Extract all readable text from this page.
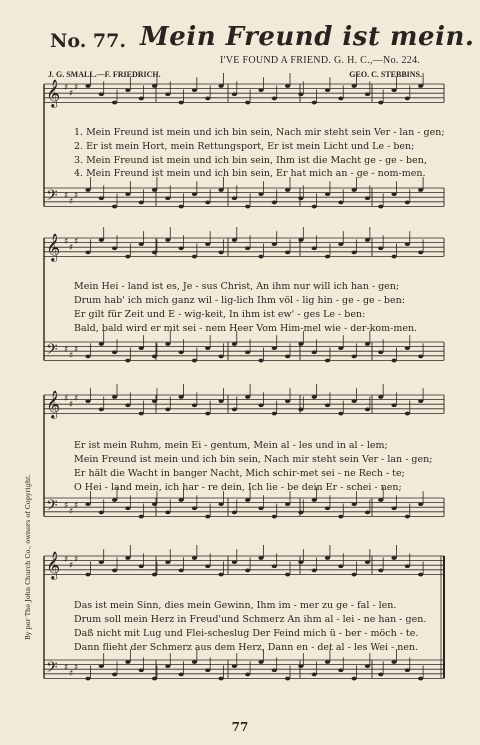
No. 77. Mein Freund ist mein.
I'VE FOUND A FRIEND. G. H. C.,—No. 224.
J. G. SMALL.—F. FRIEDRICH.	GEO. C. STEBBINS.
By per The John Church Co., owners of Copyright.
𝄞 ♯
♯
♯
𝄢 ♯
♯
♯
𝄞 ♯
♯
♯
𝄢 ♯
♯
♯
𝄞 ♯
♯
♯
𝄢 ♯
♯
♯
𝄞 ♯
♯
♯
𝄢 ♯
♯
♯
1. Mein Freund ist mein und ich bin sein, Nach mir steht sein Ver - lan - gen;
2. Er ist mein Hort, mein Rettungsport, Er ist mein Licht und Le - ben;
3. Mein Freund ist mein und ich bin sein, Ihm ist die Macht ge - ge - ben,
4. Mein Freund ist mein und ich bin sein, Er hat mich an - ge - nom-men.
Mein Hei - land ist es, Je - sus Christ, An ihm nur will ich han - gen;
Drum hab' ich mich ganz wil - lig-lich Ihm völ - lig hin - ge - ge - ben:
Er gilt für Zeit und E - wig-keit, In ihm ist ew' - ges Le - ben:
Bald, bald wird er mit sei - nem Heer Vom Him-mel wie - der-kom-men.
Er ist mein Ruhm, mein Ei - gentum, Mein al - les und in al - lem;
Mein Freund ist mein und ich bin sein, Nach mir steht sein Ver - lan - gen;
Er hält die Wacht in banger Nacht, Mich schir-met sei - ne Rech - te;
O Hei - land mein, ich har - re dein, Ich lie - be dein Er - schei - nen;
Das ist mein Sinn, dies mein Gewinn, Ihm im - mer zu ge - fal - len.
Drum soll mein Herz in Freud'und Schmerz An ihm al - lei - ne han - gen.
Daß nicht mit Lug und Flei-scheslug Der Feind mich ü - ber - möch - te.
Dann flieht der Schmerz aus dem Herz, Dann en - det al - les Wei - nen.
77
